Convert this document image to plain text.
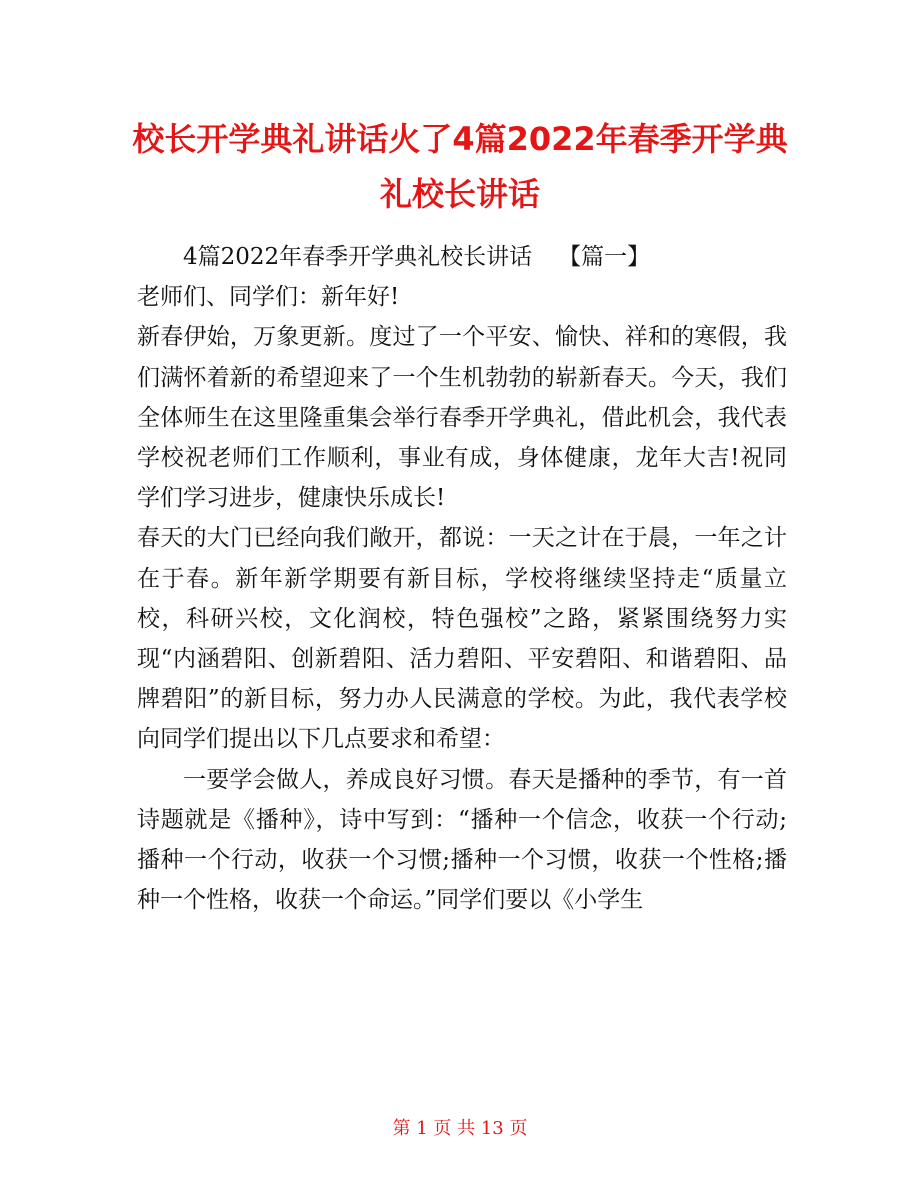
校长开学典礼讲话火了4篇2022年春季开学典礼校长讲话

4篇2022年春季开学典礼校长讲话 【篇一】

老师们、同学们：新年好!

新春伊始，万象更新。度过了一个平安、愉快、祥和的寒假，我们满怀着新的希望迎来了一个生机勃勃的崭新春天。今天，我们全体师生在这里隆重集会举行春季开学典礼，借此机会，我代表学校祝老师们工作顺利，事业有成，身体健康，龙年大吉!祝同学们学习进步，健康快乐成长!

春天的大门已经向我们敞开，都说：一天之计在于晨，一年之计在于春。新年新学期要有新目标，学校将继续坚持走“质量立校，科研兴校，文化润校，特色强校”之路，紧紧围绕努力实现“内涵碧阳、创新碧阳、活力碧阳、平安碧阳、和谐碧阳、品牌碧阳”的新目标，努力办人民满意的学校。为此，我代表学校向同学们提出以下几点要求和希望：

一要学会做人，养成良好习惯。春天是播种的季节，有一首诗题就是《播种》，诗中写到：“播种一个信念，收获一个行动;播种一个行动，收获一个习惯;播种一个习惯，收获一个性格;播种一个性格，收获一个命运。”同学们要以《小学生

第 1 页 共 13 页
